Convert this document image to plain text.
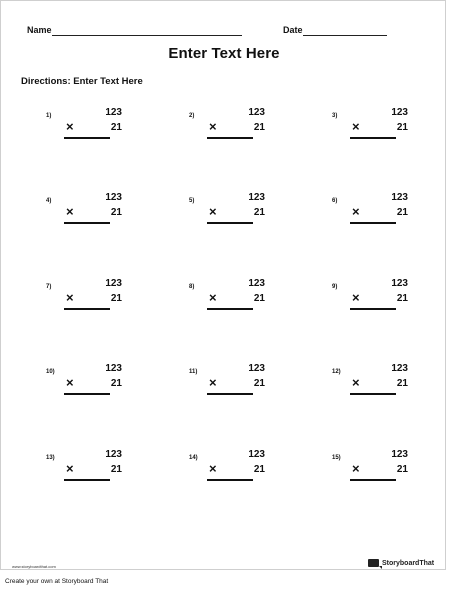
Name	Date
Enter Text Here
Directions: Enter Text Here
1)	123
×	21
2)	123
×	21
3)	123
×	21
4)	123
×	21
5)	123
×	21
6)	123
×	21
7)	123
×	21
8)	123
×	21
9)	123
×	21
10)	123
×	21
11)	123
×	21
12)	123
×	21
13)	123
×	21
14)	123
×	21
15)	123
×	21
www.storyboardthat.com	StoryboardThat
Create your own at Storyboard That
